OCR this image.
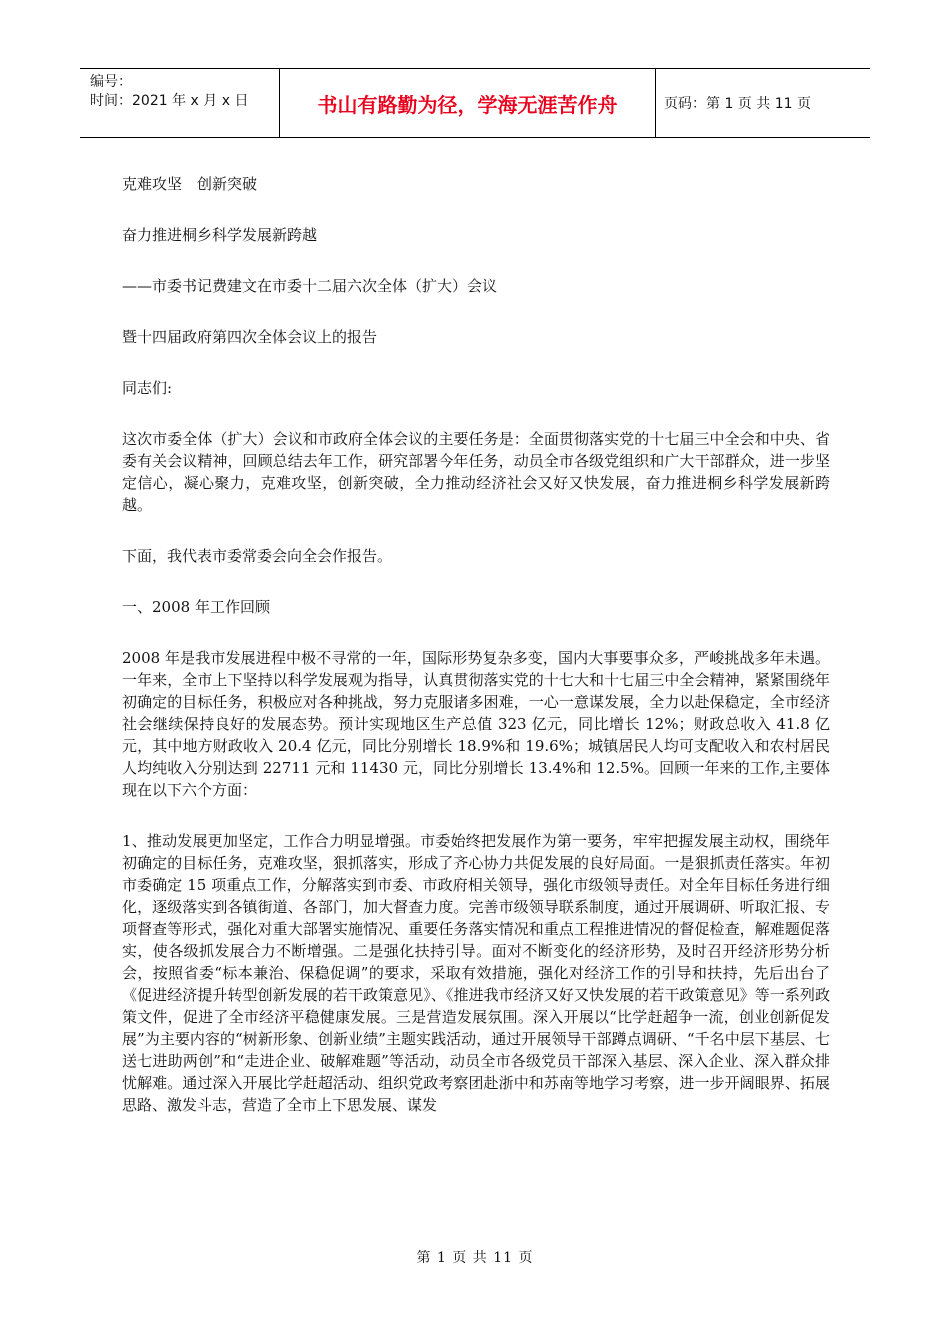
编号：
时间：2021 年 x 月 x 日	书山有路勤为径，学海无涯苦作舟	页码：第 1 页 共 11 页

克难攻坚　创新突破

奋力推进桐乡科学发展新跨越

——市委书记费建文在市委十二届六次全体（扩大）会议

暨十四届政府第四次全体会议上的报告

同志们:

这次市委全体（扩大）会议和市政府全体会议的主要任务是：全面贯彻落实党的十七届三中全会和中央、省委有关会议精神，回顾总结去年工作，研究部署今年任务，动员全市各级党组织和广大干部群众，进一步坚定信心，凝心聚力，克难攻坚，创新突破，全力推动经济社会又好又快发展，奋力推进桐乡科学发展新跨越。

下面，我代表市委常委会向全会作报告。

一、2008 年工作回顾

2008 年是我市发展进程中极不寻常的一年，国际形势复杂多变，国内大事要事众多，严峻挑战多年未遇。一年来，全市上下坚持以科学发展观为指导，认真贯彻落实党的十七大和十七届三中全会精神，紧紧围绕年初确定的目标任务，积极应对各种挑战，努力克服诸多困难，一心一意谋发展，全力以赴保稳定，全市经济社会继续保持良好的发展态势。预计实现地区生产总值 323 亿元，同比增长 12%；财政总收入 41.8 亿元，其中地方财政收入 20.4 亿元，同比分别增长 18.9%和 19.6%；城镇居民人均可支配收入和农村居民人均纯收入分别达到 22711 元和 11430 元，同比分别增长 13.4%和 12.5%。回顾一年来的工作,主要体现在以下六个方面：

1、推动发展更加坚定，工作合力明显增强。市委始终把发展作为第一要务，牢牢把握发展主动权，围绕年初确定的目标任务，克难攻坚，狠抓落实，形成了齐心协力共促发展的良好局面。一是狠抓责任落实。年初市委确定 15 项重点工作，分解落实到市委、市政府相关领导，强化市级领导责任。对全年目标任务进行细化，逐级落实到各镇街道、各部门，加大督查力度。完善市级领导联系制度，通过开展调研、听取汇报、专项督查等形式，强化对重大部署实施情况、重要任务落实情况和重点工程推进情况的督促检查，解难题促落实，使各级抓发展合力不断增强。二是强化扶持引导。面对不断变化的经济形势，及时召开经济形势分析会，按照省委“标本兼治、保稳促调”的要求，采取有效措施，强化对经济工作的引导和扶持，先后出台了《促进经济提升转型创新发展的若干政策意见》、《推进我市经济又好又快发展的若干政策意见》等一系列政策文件，促进了全市经济平稳健康发展。三是营造发展氛围。深入开展以“比学赶超争一流，创业创新促发展”为主要内容的“树新形象、创新业绩”主题实践活动，通过开展领导干部蹲点调研、“千名中层下基层、七送七进助两创”和“走进企业、破解难题”等活动，动员全市各级党员干部深入基层、深入企业、深入群众排忧解难。通过深入开展比学赶超活动、组织党政考察团赴浙中和苏南等地学习考察，进一步开阔眼界、拓展思路、激发斗志，营造了全市上下思发展、谋发

第 1 页 共 11 页
